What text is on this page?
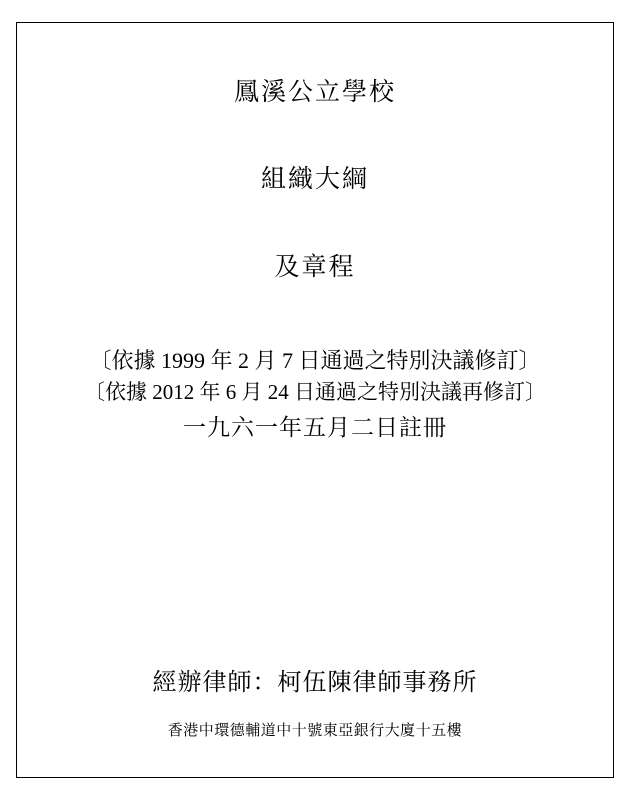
鳳溪公立學校
組織大綱
及章程
〔依據 1999 年 2 月 7 日通過之特別決議修訂〕
〔依據 2012 年 6 月 24 日通過之特別決議再修訂〕
一九六一年五月二日註冊
經辦律師：柯伍陳律師事務所
香港中環德輔道中十號東亞銀行大廈十五樓
